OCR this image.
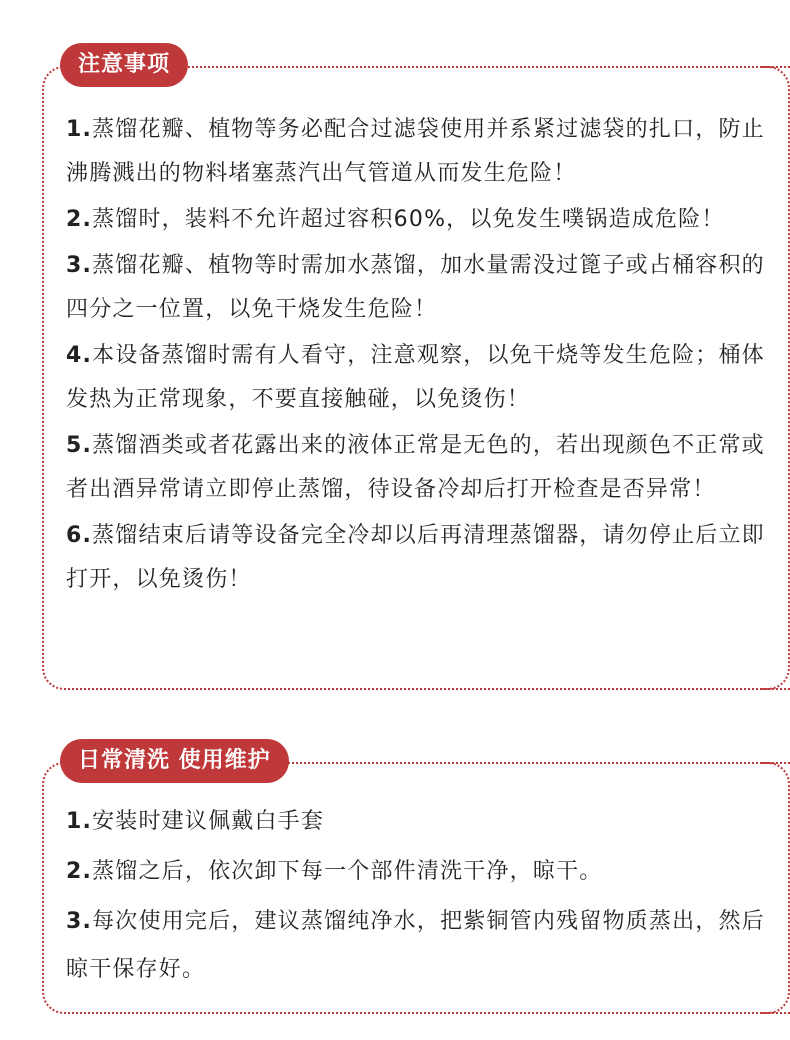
注意事项
1.蒸馏花瓣、植物等务必配合过滤袋使用并系紧过滤袋的扎口，防止沸腾溅出的物料堵塞蒸汽出气管道从而发生危险！
2.蒸馏时，装料不允许超过容积60%，以免发生噗锅造成危险！
3.蒸馏花瓣、植物等时需加水蒸馏，加水量需没过篦子或占桶容积的四分之一位置，以免干烧发生危险！
4.本设备蒸馏时需有人看守，注意观察，以免干烧等发生危险；桶体发热为正常现象，不要直接触碰，以免烫伤！
5.蒸馏酒类或者花露出来的液体正常是无色的，若出现颜色不正常或者出酒异常请立即停止蒸馏，待设备冷却后打开检查是否异常！
6.蒸馏结束后请等设备完全冷却以后再清理蒸馏器，请勿停止后立即打开，以免烫伤！
日常清洗 使用维护
1.安装时建议佩戴白手套
2.蒸馏之后，依次卸下每一个部件清洗干净，晾干。
3.每次使用完后，建议蒸馏纯净水，把紫铜管内残留物质蒸出，然后晾干保存好。
